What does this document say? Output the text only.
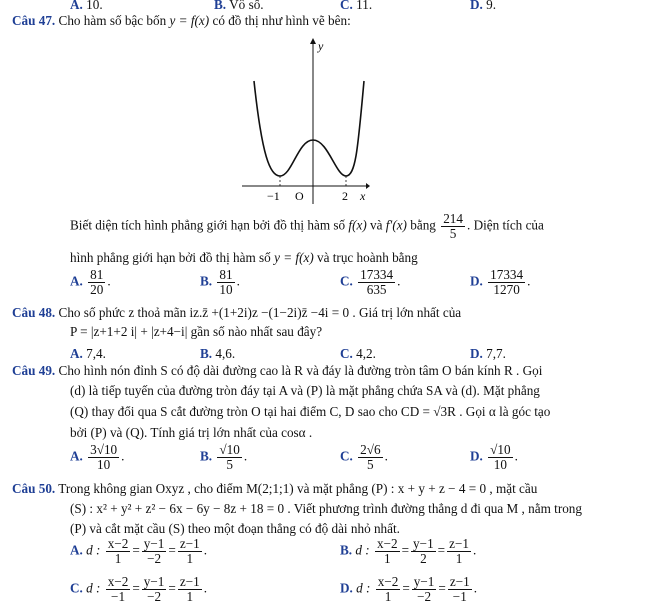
A. 10.	B. Vô số.	C. 11.	D. 9.
Câu 47. Cho hàm số bậc bốn y = f(x) có đồ thị như hình vẽ bên:
y
x
O
−1	2
Biết diện tích hình phẳng giới hạn bởi đồ thị hàm số f(x) và f′(x) bằng $\frac{214}{5}$ . Diện tích của
hình phẳng giới hạn bởi đồ thị hàm số y = f(x) và trục hoành bằng
A. $\frac{81}{20}$ .	B. $\frac{81}{10}$ .	C. $\frac{17334}{635}$ .	D. $\frac{17334}{1270}$ .
Câu 48. Cho số phức z thoả mãn iz.z̄ +(1+2i)z −(1−2i)z̄ −4i = 0 . Giá trị lớn nhất của
P = |z+1+2 i| + |z+4−i| gần số nào nhất sau đây?
A. 7,4.	B. 4,6.	C. 4,2.	D. 7,7.
Câu 49. Cho hình nón đỉnh S có độ dài đường cao là R và đáy là đường tròn tâm O bán kính R . Gọi
(d) là tiếp tuyến của đường tròn đáy tại A và (P) là mặt phẳng chứa SA và (d). Mặt phẳng
(Q) thay đổi qua S cắt đường tròn O tại hai điểm C, D sao cho CD = √3R . Gọi α là góc tạo
bởi (P) và (Q). Tính giá trị lớn nhất của cosα .
A. $\frac{3√10}{10}$ .	B. $\frac{√10}{5}$ .	C. $\frac{2√6}{5}$ .	D. $\frac{√10}{10}$ .
Câu 50. Trong không gian Oxyz , cho điểm M(2;1;1) và mặt phẳng (P) : x + y + z − 4 = 0 , mặt cầu
(S) : x² + y² + z² − 6x − 6y − 8z + 18 = 0 . Viết phương trình đường thẳng d đi qua M , nằm trong
(P) và cắt mặt cầu (S) theo một đoạn thẳng có độ dài nhỏ nhất.
A. d : $\frac{x-2}{1} = \frac{y-1}{-2} = \frac{z-1}{1}$ .	B. d : $\frac{x-2}{1} = \frac{y-1}{2} = \frac{z-1}{1}$ .
C. d : $\frac{x-2}{-1} = \frac{y-1}{-2} = \frac{z-1}{1}$ .	D. d : $\frac{x-2}{1} = \frac{y-1}{-2} = \frac{z-1}{-1}$ .
